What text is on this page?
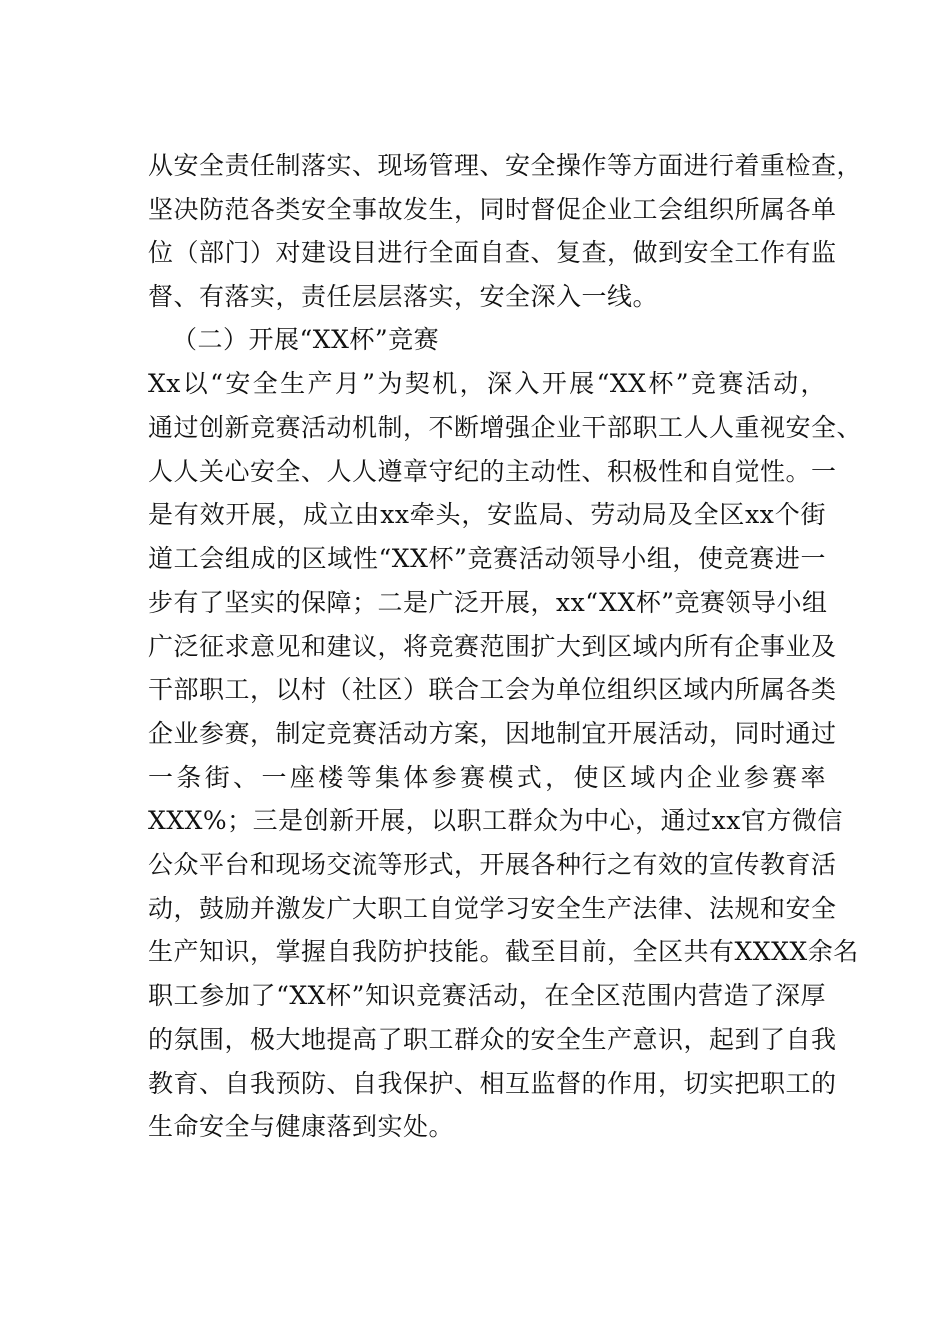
从安全责任制落实、现场管理、安全操作等方面进行着重检查，
坚决防范各类安全事故发生，同时督促企业工会组织所属各单
位（部门）对建设目进行全面自查、复查，做到安全工作有监
督、有落实，责任层层落实，安全深入一线。
（二）开展“XX杯”竞赛
Xx以“安全生产月”为契机，深入开展“XX杯”竞赛活动，
通过创新竞赛活动机制，不断增强企业干部职工人人重视安全、
人人关心安全、人人遵章守纪的主动性、积极性和自觉性。一
是有效开展，成立由xx牵头，安监局、劳动局及全区xx个街
道工会组成的区域性“XX杯”竞赛活动领导小组，使竞赛进一
步有了坚实的保障；二是广泛开展，xx“XX杯”竞赛领导小组
广泛征求意见和建议，将竞赛范围扩大到区域内所有企事业及
干部职工，以村（社区）联合工会为单位组织区域内所属各类
企业参赛，制定竞赛活动方案，因地制宜开展活动，同时通过
一条街、一座楼等集体参赛模式，使区域内企业参赛率
XXX%；三是创新开展，以职工群众为中心，通过xx官方微信
公众平台和现场交流等形式，开展各种行之有效的宣传教育活
动，鼓励并激发广大职工自觉学习安全生产法律、法规和安全
生产知识，掌握自我防护技能。截至目前，全区共有XXXX余名
职工参加了“XX杯”知识竞赛活动，在全区范围内营造了深厚
的氛围，极大地提高了职工群众的安全生产意识，起到了自我
教育、自我预防、自我保护、相互监督的作用，切实把职工的
生命安全与健康落到实处。
